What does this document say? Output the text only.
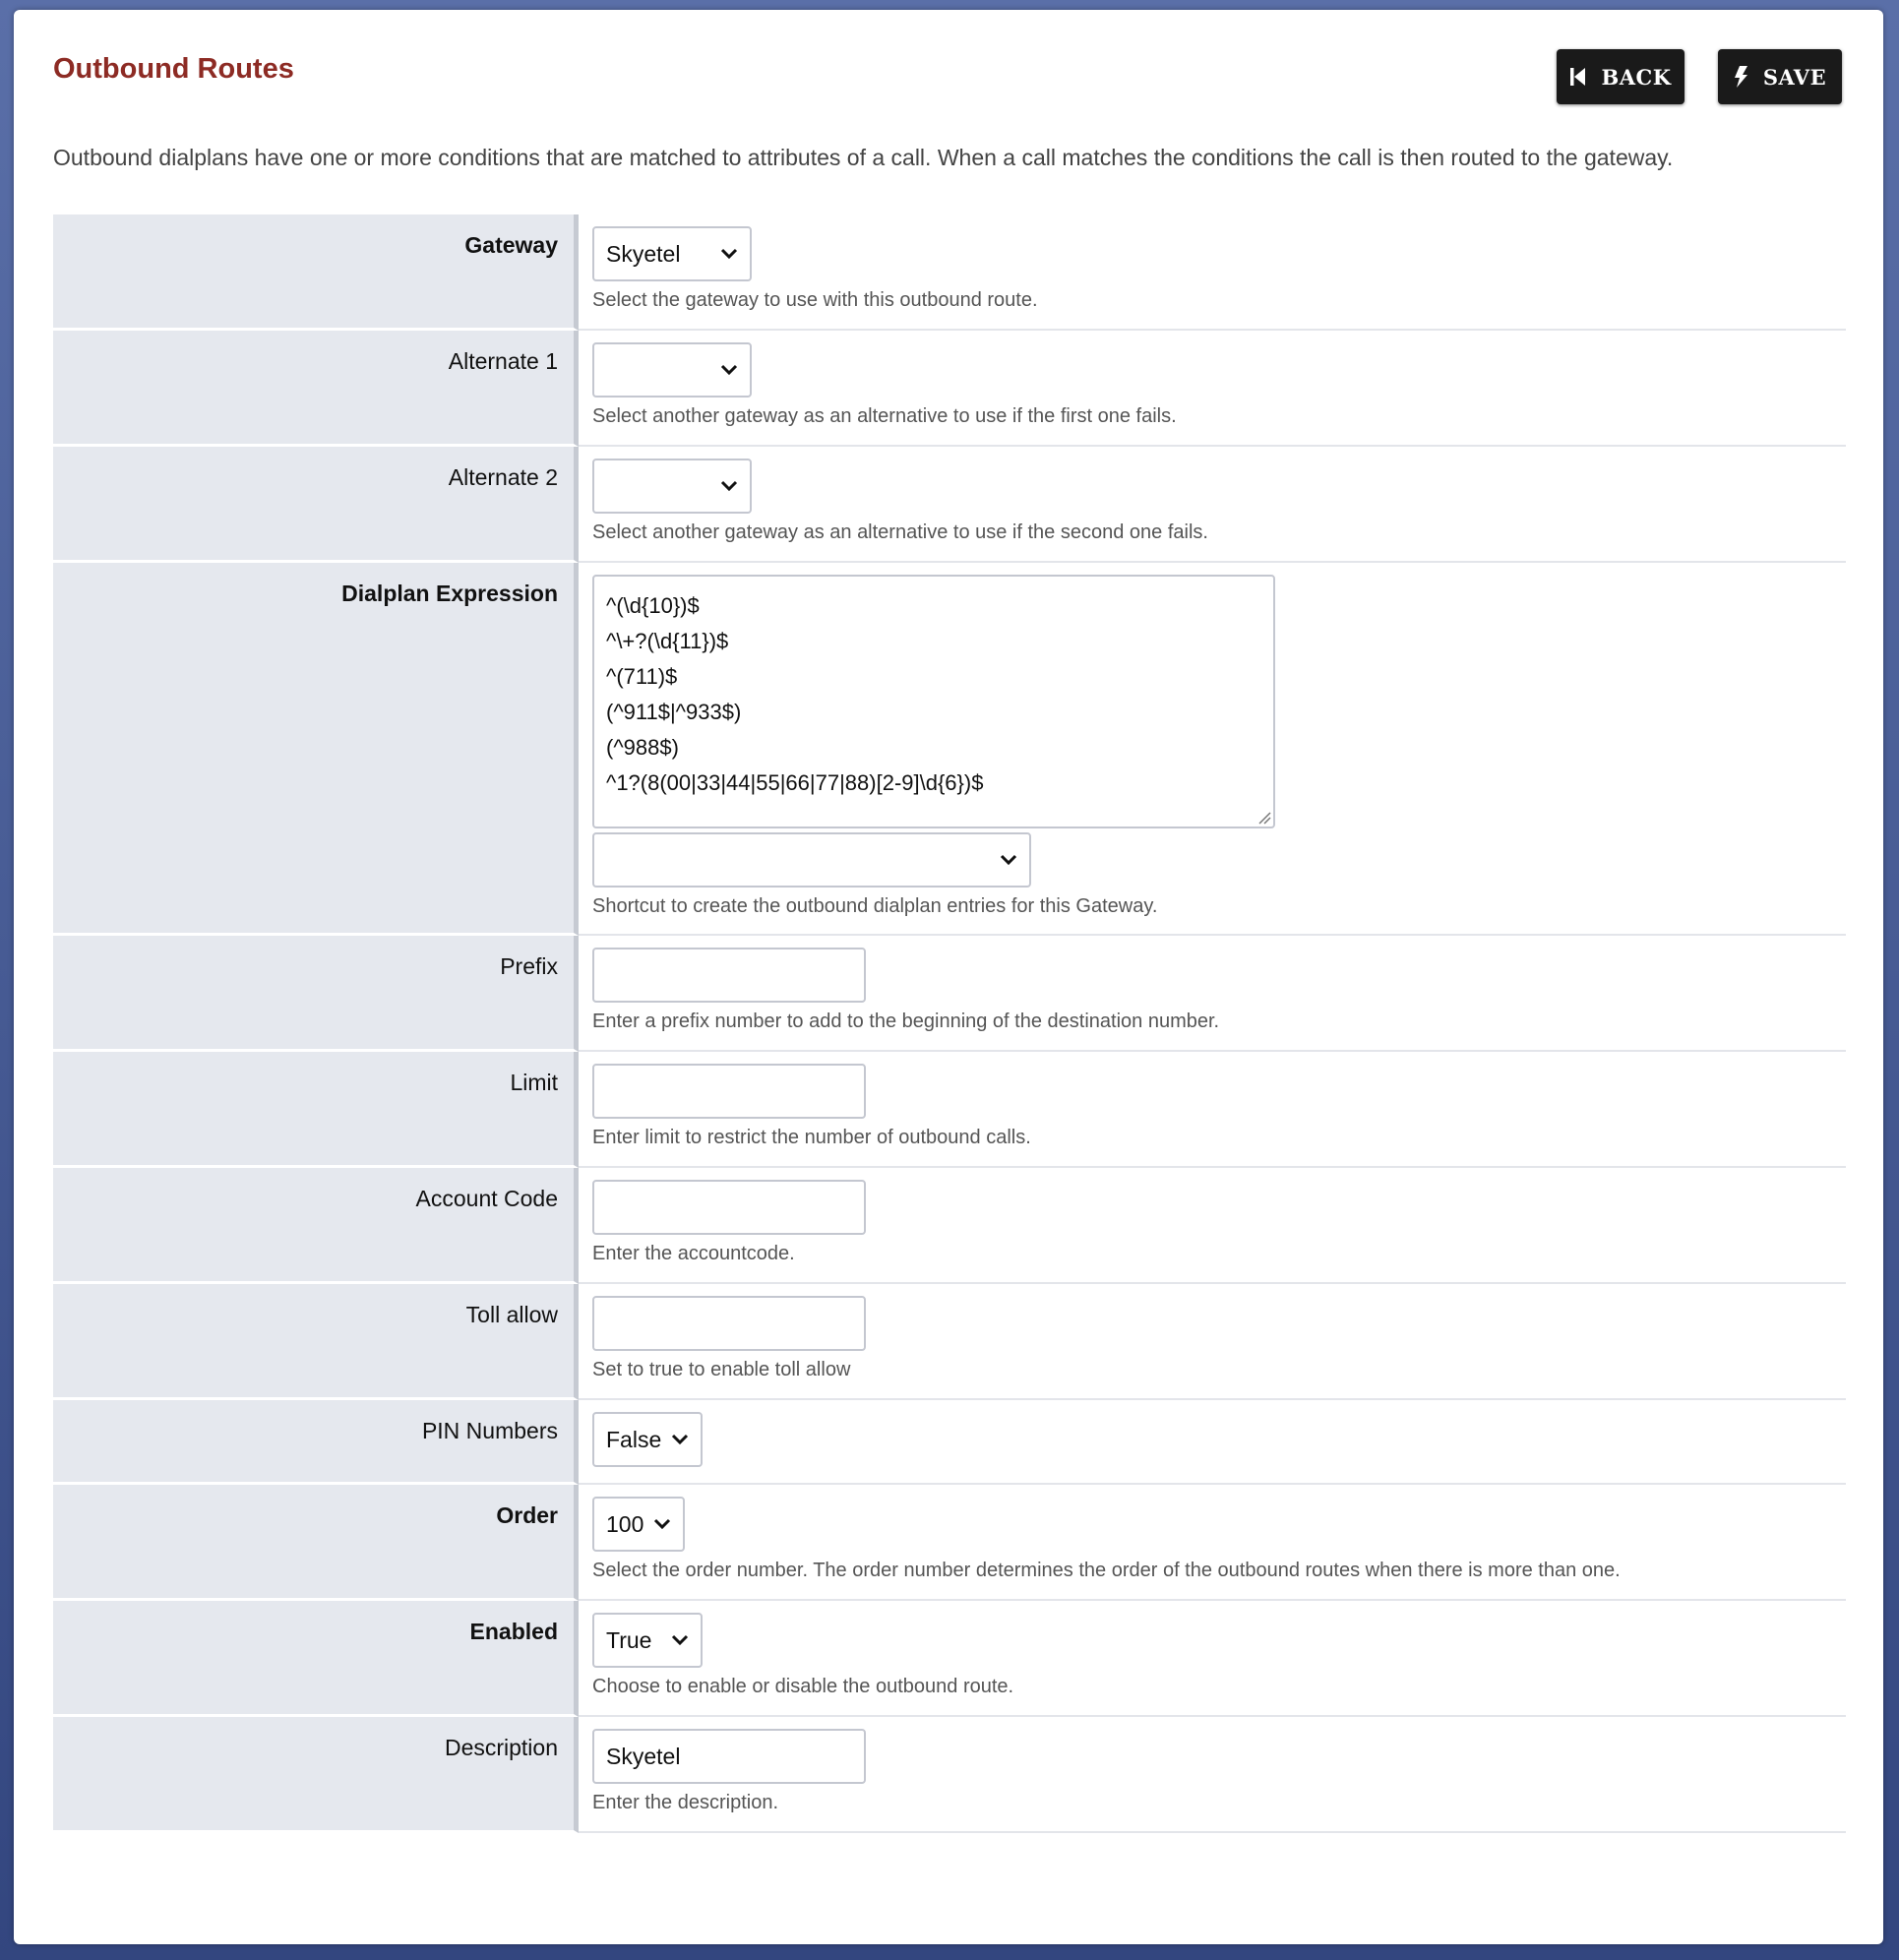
Outbound Routes	BACK	SAVE
Outbound dialplans have one or more conditions that are matched to attributes of a call. When a call matches the conditions the call is then routed to the gateway.
Gateway	Skyetel
Select the gateway to use with this outbound route.
Alternate 1
Select another gateway as an alternative to use if the first one fails.
Alternate 2
Select another gateway as an alternative to use if the second one fails.
Dialplan Expression	^(\d{10})$
^\+?(\d{11})$
^(711)$
(^911$|^933$)
(^988$)
^1?(8(00|33|44|55|66|77|88)[2-9]\d{6})$
Shortcut to create the outbound dialplan entries for this Gateway.
Prefix
Enter a prefix number to add to the beginning of the destination number.
Limit
Enter limit to restrict the number of outbound calls.
Account Code
Enter the accountcode.
Toll allow
Set to true to enable toll allow
PIN Numbers	False
Order	100
Select the order number. The order number determines the order of the outbound routes when there is more than one.
Enabled	True
Choose to enable or disable the outbound route.
Description	Skyetel
Enter the description.
